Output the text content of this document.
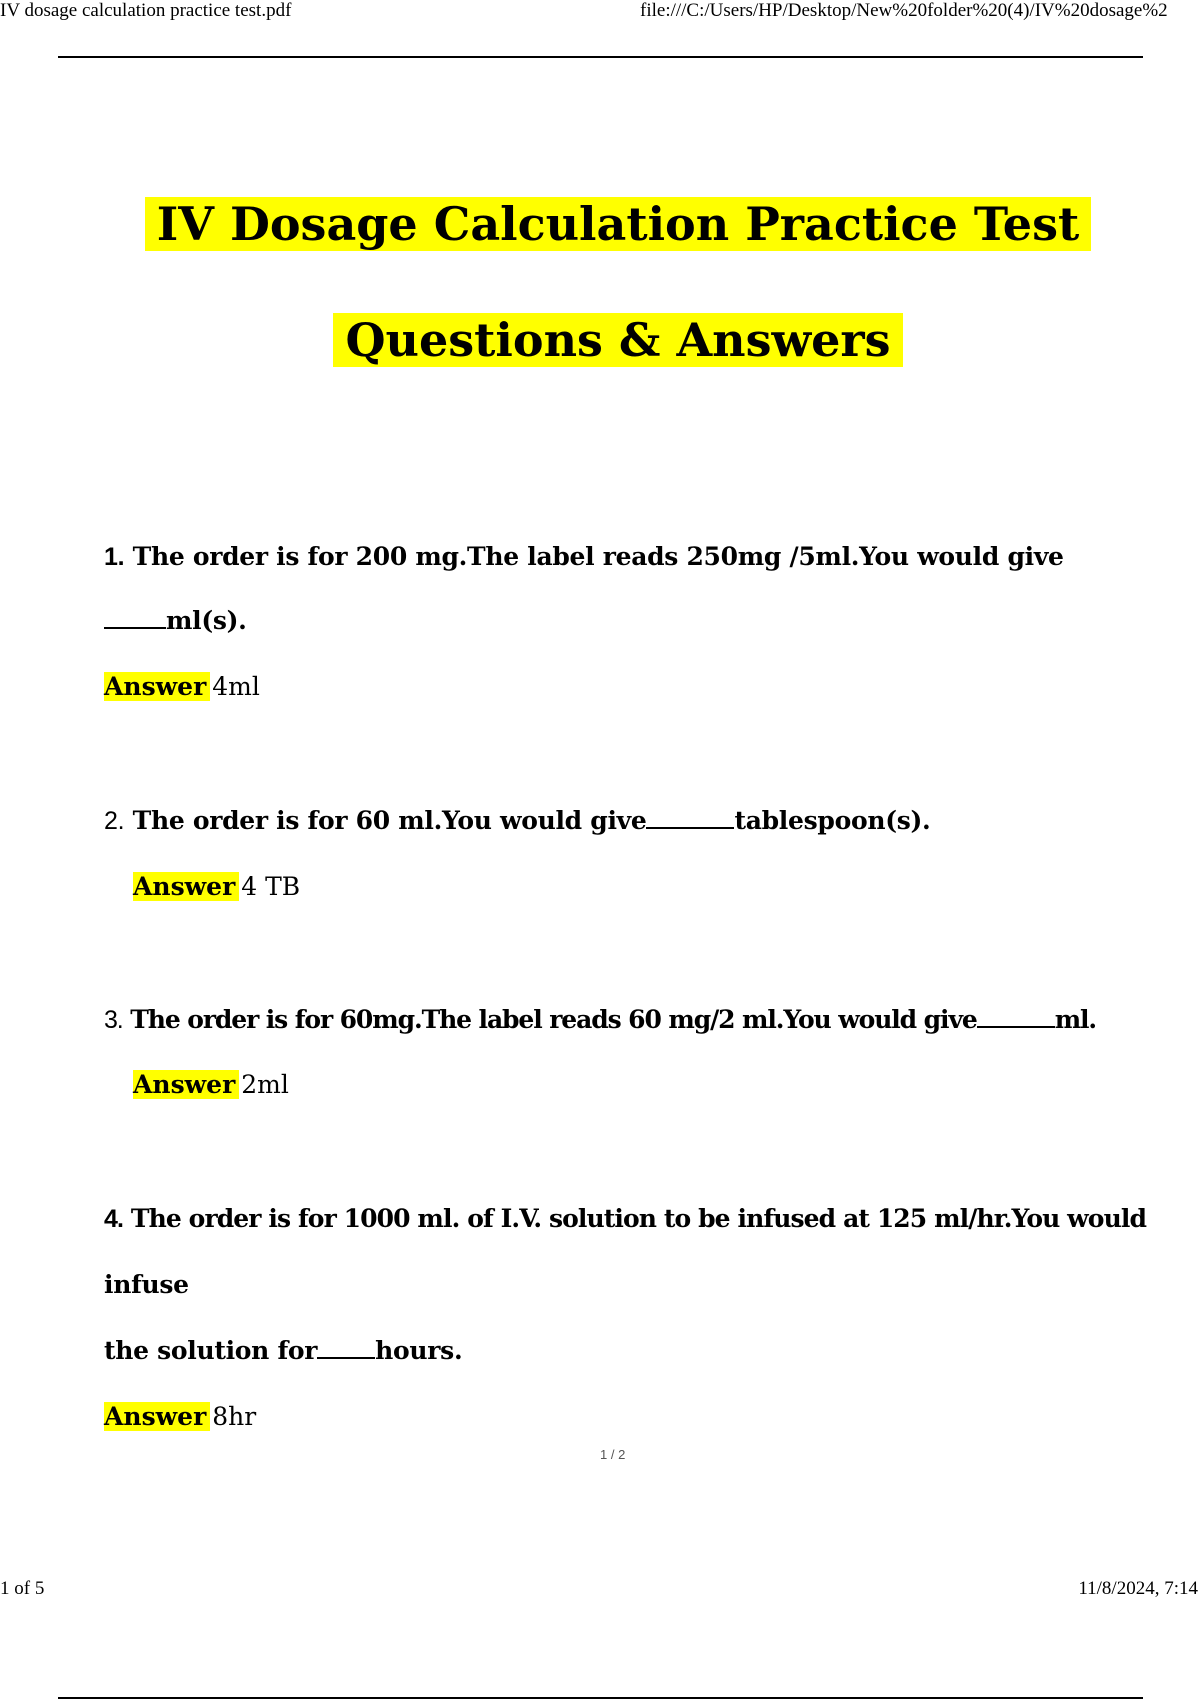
IV dosage calculation practice test.pdf	file:///C:/Users/HP/Desktop/New%20folder%20(4)/IV%20dosage%2
IV Dosage Calculation Practice Test
Questions & Answers
1. The order is for 200 mg.The label reads 250mg /5ml.You would give
ml(s).
Answer 4ml
2. The order is for 60 ml.You would give	tablespoon(s).
Answer 4 TB
3. The order is for 60mg.The label reads 60 mg/2 ml.You would give	ml.
Answer 2ml
4. The order is for 1000 ml. of I.V. solution to be infused at 125 ml/hr.You would
infuse
the solution for hours.
Answer 8hr
1 / 2
1 of 5	11/8/2024, 7:14
